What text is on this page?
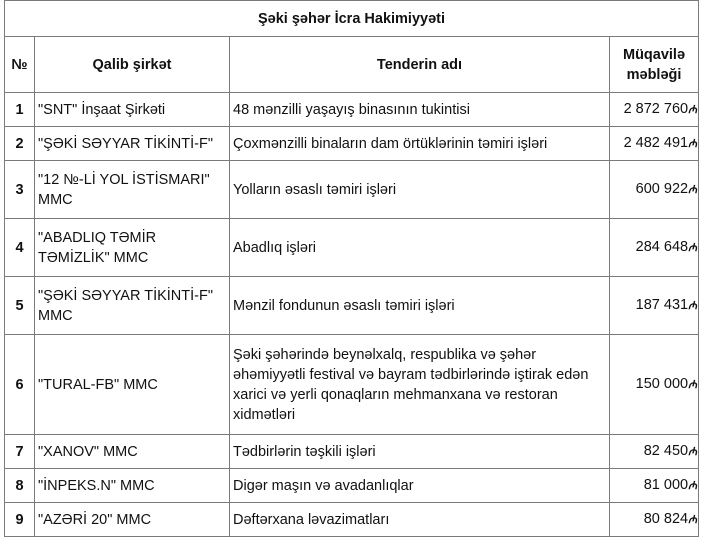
Şəki şəhər İcra Hakimiyyəti			
№	Qalib şirkət	Tenderin adı	Müqavilə məbləği
1	"SNT" İnşaat Şirkəti	48 mənzilli yaşayış binasının tukintisi	2 872 760₼
2	"ŞƏKİ SƏYYAR TİKİNTİ-F"	Çoxmənzilli binaların dam örtüklərinin təmiri işləri	2 482 491₼
3	"12 №-Lİ YOL İSTİSMARI" MMC	Yolların əsaslı təmiri işləri	600 922₼
4	"ABADLIQ TƏMİR TƏMİZLİK" MMC	Abadlıq işləri	284 648₼
5	"ŞƏKİ SƏYYAR TİKİNTİ-F" MMC	Mənzil fondunun əsaslı təmiri işləri	187 431₼
6	"TURAL-FB" MMC	Şəki şəhərində beynəlxalq, respublika və şəhər əhəmiyyətli festival və bayram tədbirlərində iştirak edən xarici və yerli qonaqların mehmanxana və restoran xidmətləri	150 000₼
7	"XANOV" MMC	Tədbirlərin təşkili işləri	82 450₼
8	"İNPEKS.N" MMC	Digər maşın və avadanlıqlar	81 000₼
9	"AZƏRİ 20" MMC	Dəftərxana ləvazimatları	80 824₼
